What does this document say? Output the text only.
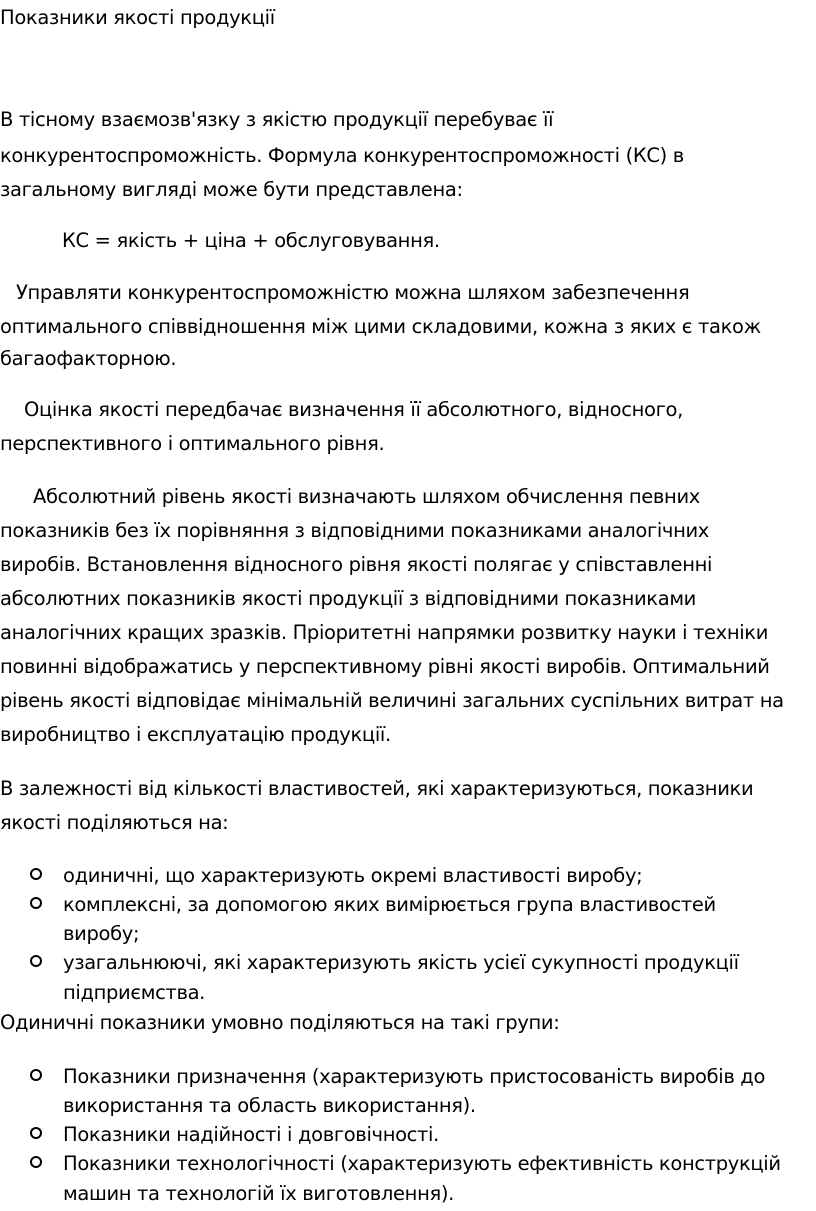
Показники якості продукції
В тісному взаємозв'язку з якістю продукції перебуває її
конкурентоспроможність. Формула конкурентоспроможності (КС) в
загальному вигляді може бути представлена:
КС = якість + ціна + обслуговування.
Управляти конкурентоспроможністю можна шляхом забезпечення
оптимального співвідношення між цими складовими, кожна з яких є також
багаофакторною.
Оцінка якості передбачає визначення її абсолютного, відносного,
перспективного і оптимального рівня.
Абсолютний рівень якості визначають шляхом обчислення певних
показників без їх порівняння з відповідними показниками аналогічних
виробів. Встановлення відносного рівня якості полягає у співставленні
абсолютних показників якості продукції з відповідними показниками
аналогічних кращих зразків. Пріоритетні напрямки розвитку науки і техніки
повинні відображатись у перспективному рівні якості виробів. Оптимальний
рівень якості відповідає мінімальній величині загальних суспільних витрат на
виробництво і експлуатацію продукції.
В залежності від кількості властивостей, які характеризуються, показники
якості поділяються на:
одиничні, що характеризують окремі властивості виробу;
комплексні, за допомогою яких вимірюється група властивостей
виробу;
узагальнюючі, які характеризують якість усієї сукупності продукції
підприємства.
Одиничні показники умовно поділяються на такі групи:
Показники призначення (характеризують пристосованість виробів до
використання та область використання).
Показники надійності і довговічності.
Показники технологічності (характеризують ефективність конструкцій
машин та технологій їх виготовлення).
